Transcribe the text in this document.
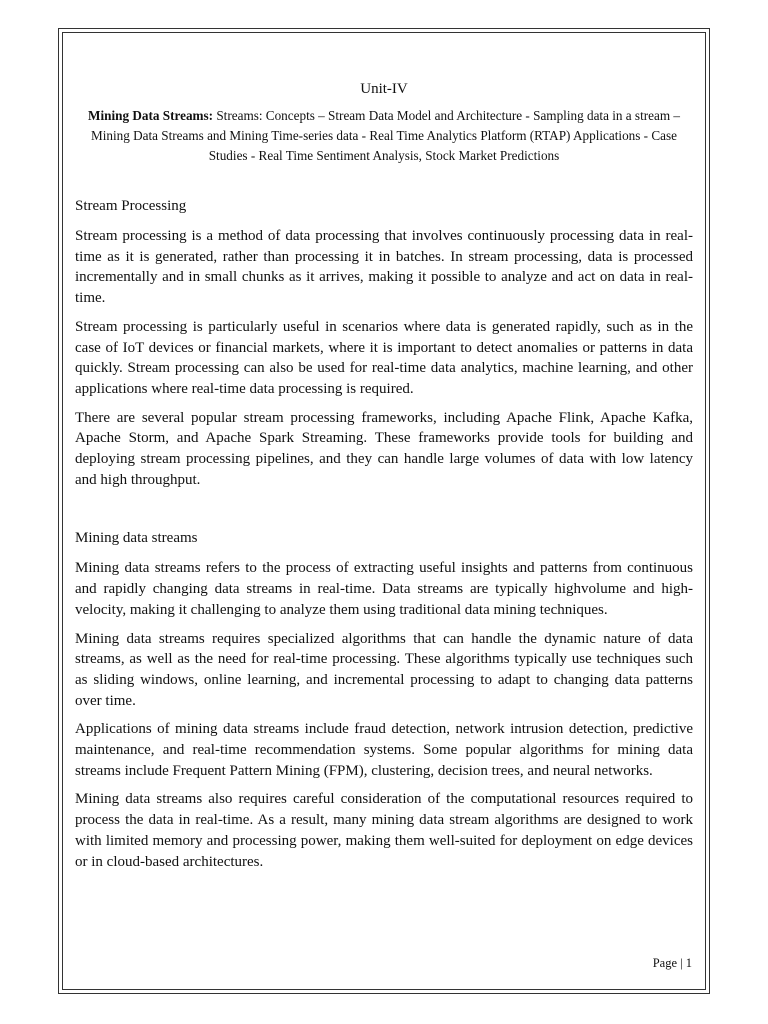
Unit-IV

Mining Data Streams: Streams: Concepts – Stream Data Model and Architecture - Sampling data in a stream – Mining Data Streams and Mining Time-series data - Real Time Analytics Platform (RTAP) Applications - Case Studies - Real Time Sentiment Analysis, Stock Market Predictions

Stream Processing

Stream processing is a method of data processing that involves continuously processing data in real-time as it is generated, rather than processing it in batches. In stream processing, data is processed incrementally and in small chunks as it arrives, making it possible to analyze and act on data in real-time.

Stream processing is particularly useful in scenarios where data is generated rapidly, such as in the case of IoT devices or financial markets, where it is important to detect anomalies or patterns in data quickly. Stream processing can also be used for real-time data analytics, machine learning, and other applications where real-time data processing is required.

There are several popular stream processing frameworks, including Apache Flink, Apache Kafka, Apache Storm, and Apache Spark Streaming. These frameworks provide tools for building and deploying stream processing pipelines, and they can handle large volumes of data with low latency and high throughput.

Mining data streams

Mining data streams refers to the process of extracting useful insights and patterns from continuous and rapidly changing data streams in real-time. Data streams are typically highvolume and high-velocity, making it challenging to analyze them using traditional data mining techniques.

Mining data streams requires specialized algorithms that can handle the dynamic nature of data streams, as well as the need for real-time processing. These algorithms typically use techniques such as sliding windows, online learning, and incremental processing to adapt to changing data patterns over time.

Applications of mining data streams include fraud detection, network intrusion detection, predictive maintenance, and real-time recommendation systems. Some popular algorithms for mining data streams include Frequent Pattern Mining (FPM), clustering, decision trees, and neural networks.

Mining data streams also requires careful consideration of the computational resources required to process the data in real-time. As a result, many mining data stream algorithms are designed to work with limited memory and processing power, making them well-suited for deployment on edge devices or in cloud-based architectures.

Page | 1
